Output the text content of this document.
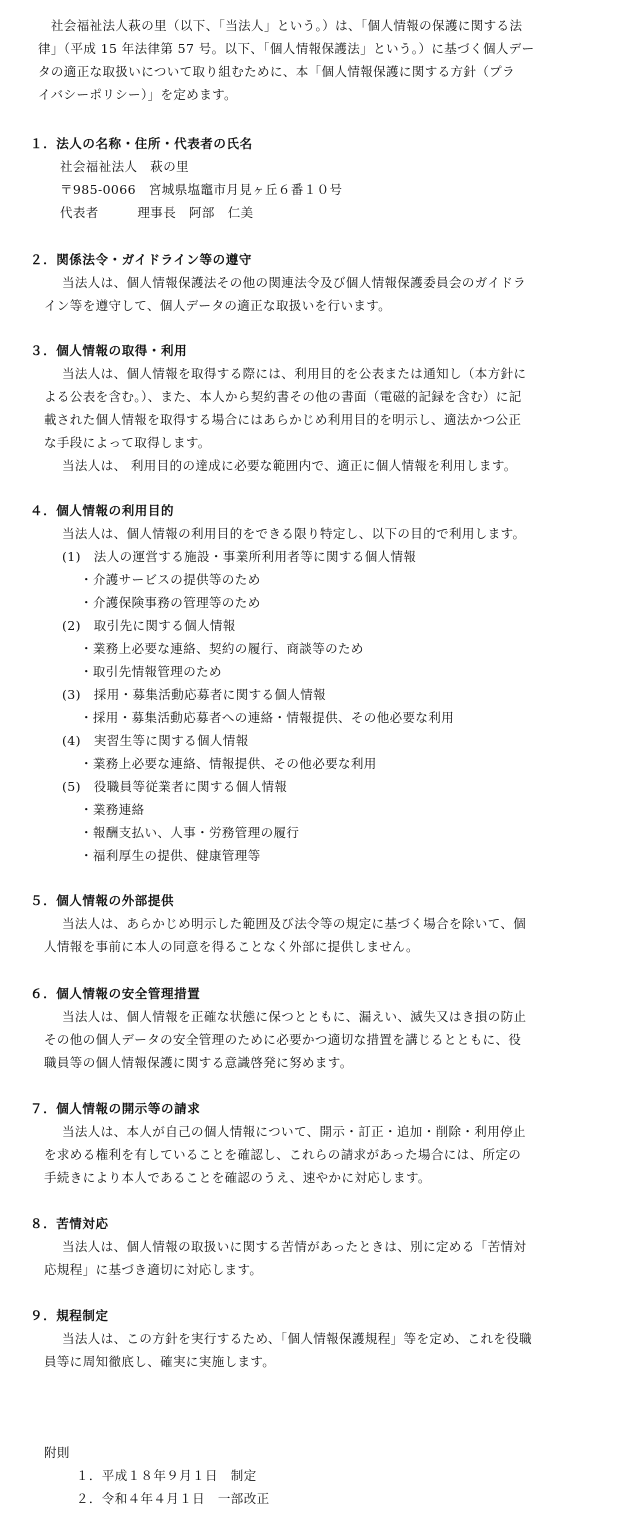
　社会福祉法人萩の里（以下、「当法人」という。）は、「個人情報の保護に関する法
律」（平成 15 年法律第 57 号。以下、「個人情報保護法」という。）に基づく個人デー
タの適正な取扱いについて取り組むために、本「個人情報保護に関する方針（プラ
イバシーポリシー）」を定めます。

１．法人の名称・住所・代表者の氏名

社会福祉法人　萩の里

〒985-0066　宮城県塩竈市月見ヶ丘６番１０号

代表者　　　理事長　阿部　仁美

２．関係法令・ガイドライン等の遵守

当法人は、個人情報保護法その他の関連法令及び個人情報保護委員会のガイドラ

イン等を遵守して、個人データの適正な取扱いを行います。

３．個人情報の取得・利用

当法人は、個人情報を取得する際には、利用目的を公表または通知し（本方針に

よる公表を含む。）、また、本人から契約書その他の書面（電磁的記録を含む）に記

載された個人情報を取得する場合にはあらかじめ利用目的を明示し、適法かつ公正

な手段によって取得します。

当法人は、 利用目的の達成に必要な範囲内で、適正に個人情報を利用します。

４．個人情報の利用目的

当法人は、個人情報の利用目的をできる限り特定し、以下の目的で利用します。

(1)　法人の運営する施設・事業所利用者等に関する個人情報

・介護サービスの提供等のため

・介護保険事務の管理等のため

(2)　取引先に関する個人情報

・業務上必要な連絡、契約の履行、商談等のため

・取引先情報管理のため

(3)　採用・募集活動応募者に関する個人情報

・採用・募集活動応募者への連絡・情報提供、その他必要な利用

(4)　実習生等に関する個人情報

・業務上必要な連絡、情報提供、その他必要な利用

(5)　役職員等従業者に関する個人情報

・業務連絡

・報酬支払い、人事・労務管理の履行

・福利厚生の提供、健康管理等

５．個人情報の外部提供

当法人は、あらかじめ明示した範囲及び法令等の規定に基づく場合を除いて、個

人情報を事前に本人の同意を得ることなく外部に提供しません。

６．個人情報の安全管理措置

当法人は、個人情報を正確な状態に保つとともに、漏えい、滅失又はき損の防止

その他の個人データの安全管理のために必要かつ適切な措置を講じるとともに、役

職員等の個人情報保護に関する意識啓発に努めます。

７．個人情報の開示等の請求

当法人は、本人が自己の個人情報について、開示・訂正・追加・削除・利用停止

を求める権利を有していることを確認し、これらの請求があった場合には、所定の

手続きにより本人であることを確認のうえ、速やかに対応します。

８．苦情対応

当法人は、個人情報の取扱いに関する苦情があったときは、別に定める「苦情対

応規程」に基づき適切に対応します。

９．規程制定

当法人は、この方針を実行するため、「個人情報保護規程」等を定め、これを役職

員等に周知徹底し、確実に実施します。

附則
１．平成１８年９月１日　制定
２．令和４年４月１日　一部改正
